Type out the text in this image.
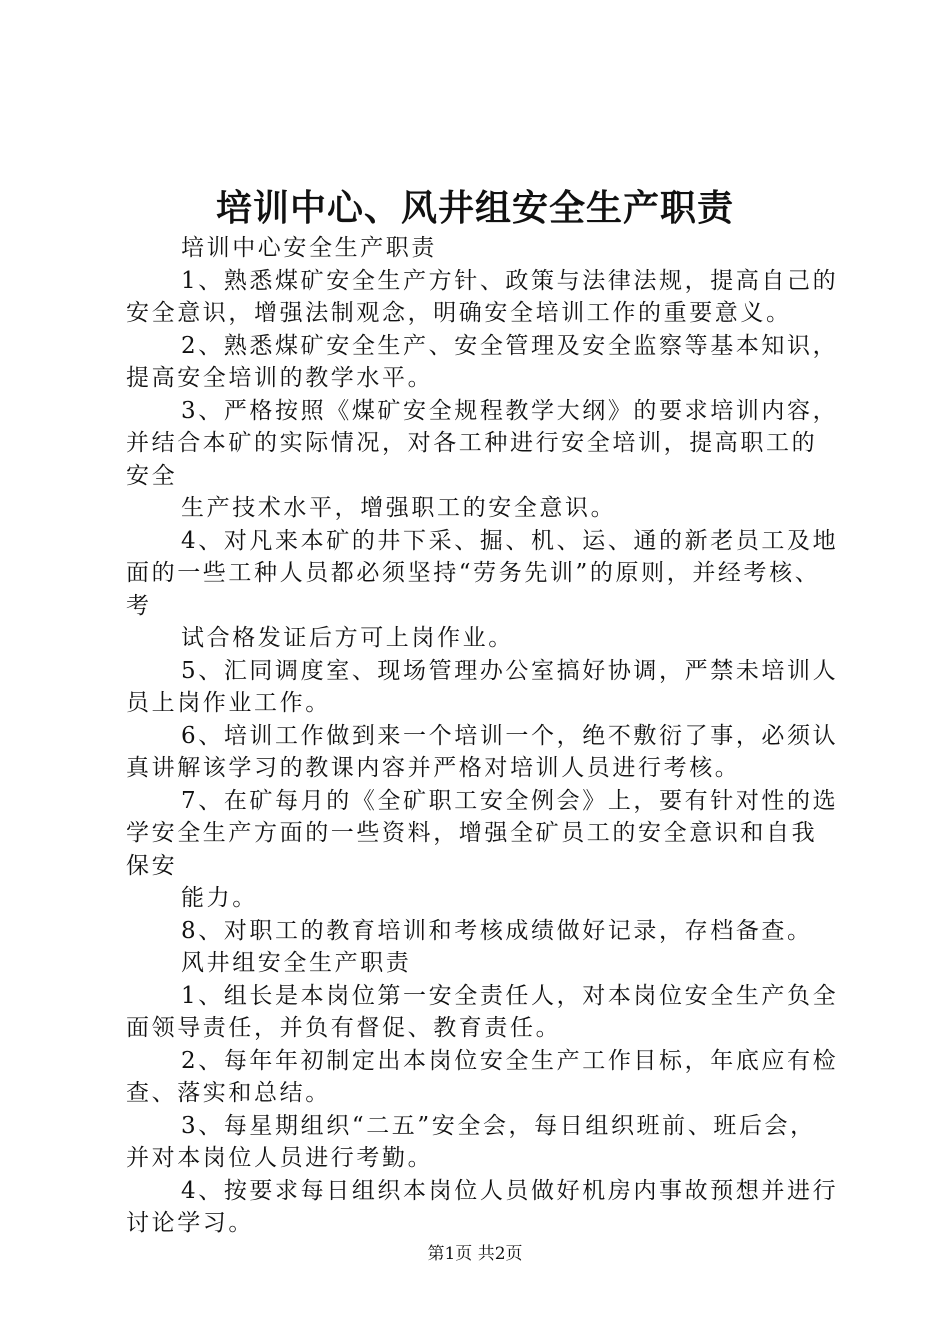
培训中心、风井组安全生产职责
培训中心安全生产职责
1、熟悉煤矿安全生产方针、政策与法律法规，提高自己的
安全意识，增强法制观念，明确安全培训工作的重要意义。
2、熟悉煤矿安全生产、安全管理及安全监察等基本知识，
提高安全培训的教学水平。
3、严格按照《煤矿安全规程教学大纲》的要求培训内容，
并结合本矿的实际情况，对各工种进行安全培训，提高职工的
安全
生产技术水平，增强职工的安全意识。
4、对凡来本矿的井下采、掘、机、运、通的新老员工及地
面的一些工种人员都必须坚持“劳务先训”的原则，并经考核、
考
试合格发证后方可上岗作业。
5、汇同调度室、现场管理办公室搞好协调，严禁未培训人
员上岗作业工作。
6、培训工作做到来一个培训一个，绝不敷衍了事，必须认
真讲解该学习的教课内容并严格对培训人员进行考核。
7、在矿每月的《全矿职工安全例会》上，要有针对性的选
学安全生产方面的一些资料，增强全矿员工的安全意识和自我
保安
能力。
8、对职工的教育培训和考核成绩做好记录，存档备查。
风井组安全生产职责
1、组长是本岗位第一安全责任人，对本岗位安全生产负全
面领导责任，并负有督促、教育责任。
2、每年年初制定出本岗位安全生产工作目标，年底应有检
查、落实和总结。
3、每星期组织“二五”安全会，每日组织班前、班后会，
并对本岗位人员进行考勤。
4、按要求每日组织本岗位人员做好机房内事故预想并进行
讨论学习。
第1页 共2页
